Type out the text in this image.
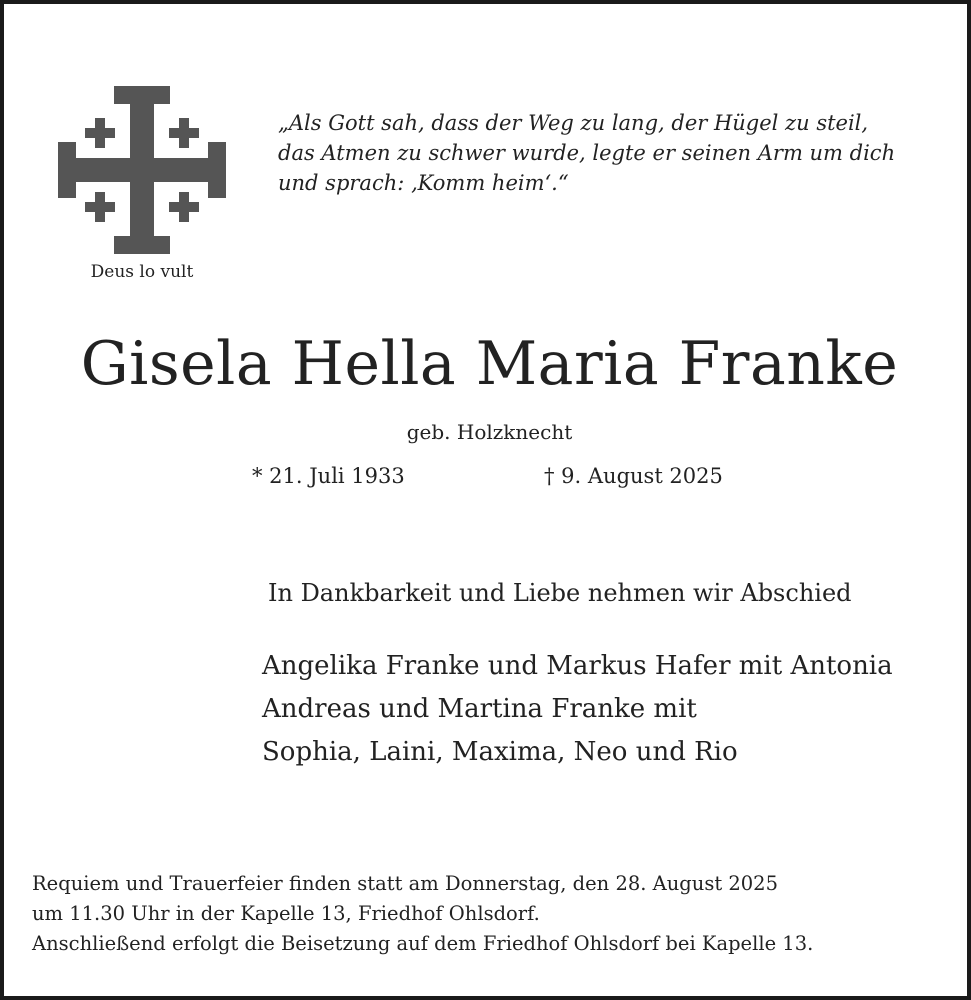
Deus lo vult
„Als Gott sah, dass der Weg zu lang, der Hügel zu steil,
das Atmen zu schwer wurde, legte er seinen Arm um dich
und sprach: ‚Komm heim‘.“
Gisela Hella Maria Franke
geb. Holzknecht
* 21. Juli 1933	† 9. August 2025
In Dankbarkeit und Liebe nehmen wir Abschied
Angelika Franke und Markus Hafer mit Antonia
Andreas und Martina Franke mit
Sophia, Laini, Maxima, Neo und Rio
Requiem und Trauerfeier finden statt am Donnerstag, den 28. August 2025
um 11.30 Uhr in der Kapelle 13, Friedhof Ohlsdorf.
Anschließend erfolgt die Beisetzung auf dem Friedhof Ohlsdorf bei Kapelle 13.
